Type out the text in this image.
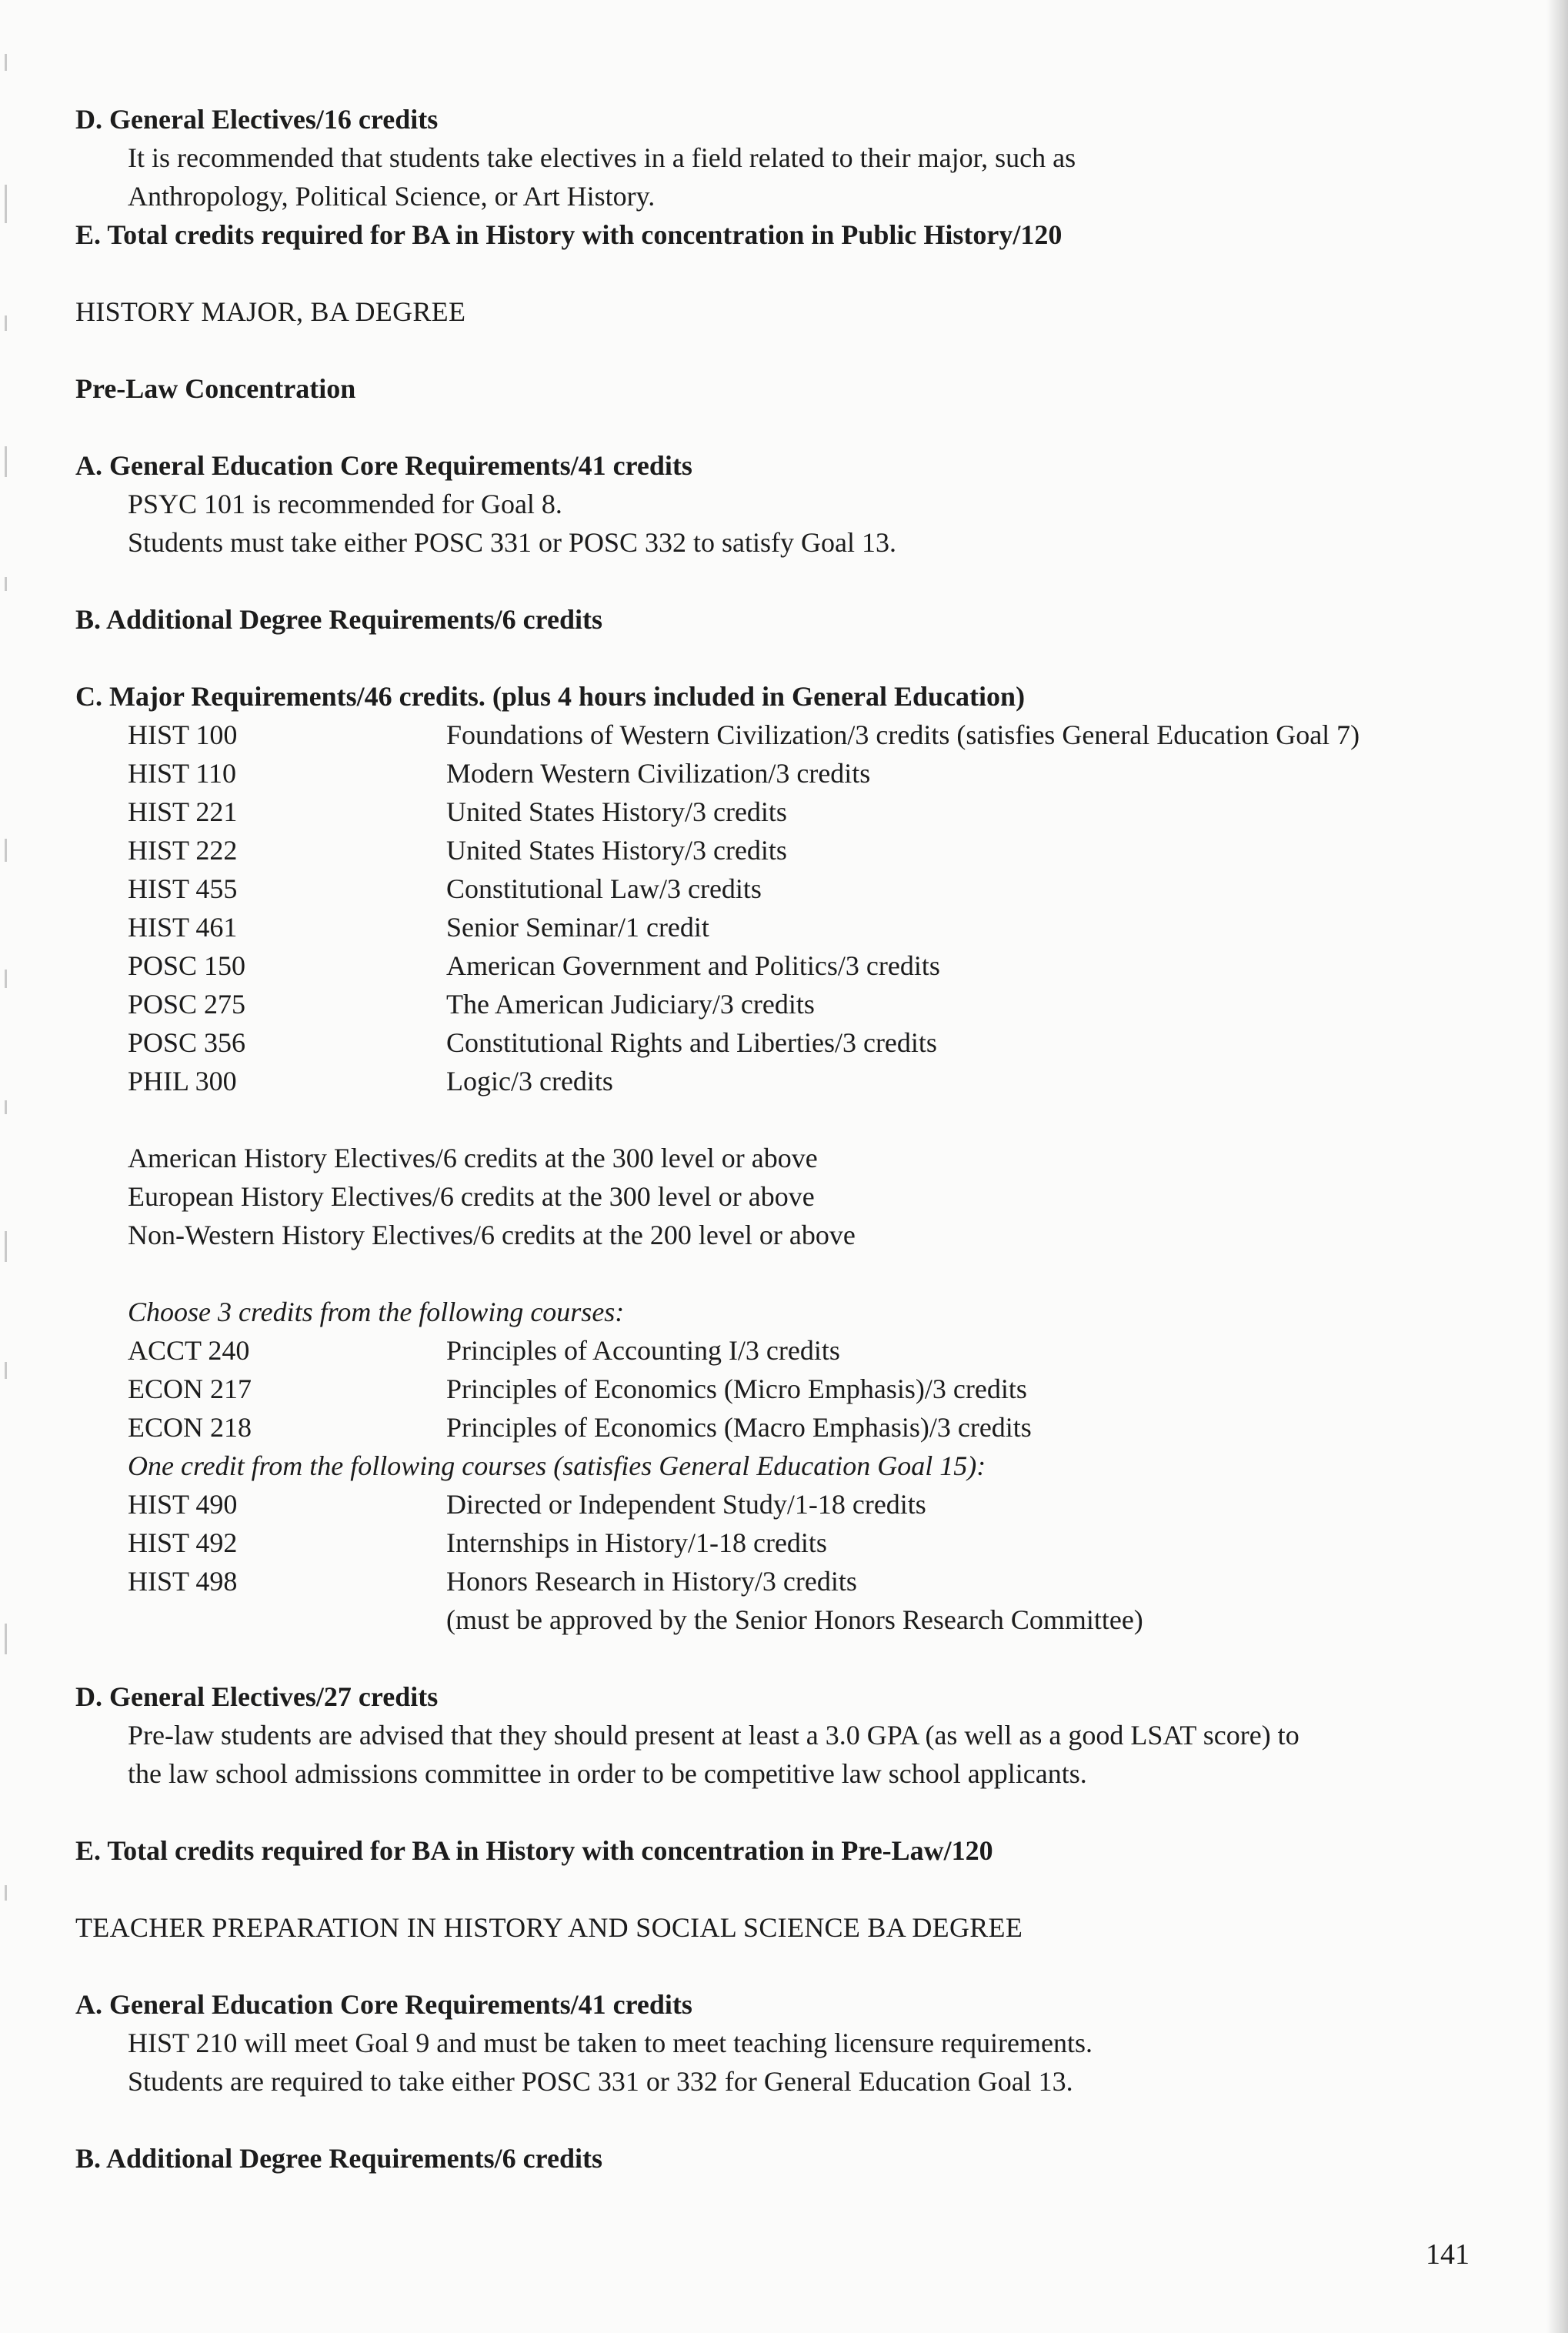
D. General Electives/16 credits
It is recommended that students take electives in a field related to their major, such as
Anthropology, Political Science, or Art History.
E. Total credits required for BA in History with concentration in Public History/120
HISTORY MAJOR, BA DEGREE
Pre-Law Concentration
A. General Education Core Requirements/41 credits
PSYC 101 is recommended for Goal 8.
Students must take either POSC 331 or POSC 332 to satisfy Goal 13.
B. Additional Degree Requirements/6 credits
C. Major Requirements/46 credits. (plus 4 hours included in General Education)
HIST 100	Foundations of Western Civilization/3 credits (satisfies General Education Goal 7)
HIST 110	Modern Western Civilization/3 credits
HIST 221	United States History/3 credits
HIST 222	United States History/3 credits
HIST 455	Constitutional Law/3 credits
HIST 461	Senior Seminar/1 credit
POSC 150	American Government and Politics/3 credits
POSC 275	The American Judiciary/3 credits
POSC 356	Constitutional Rights and Liberties/3 credits
PHIL 300	Logic/3 credits
American History Electives/6 credits at the 300 level or above
European History Electives/6 credits at the 300 level or above
Non-Western History Electives/6 credits at the 200 level or above
Choose 3 credits from the following courses:
ACCT 240	Principles of Accounting I/3 credits
ECON 217	Principles of Economics (Micro Emphasis)/3 credits
ECON 218	Principles of Economics (Macro Emphasis)/3 credits
One credit from the following courses (satisfies General Education Goal 15):
HIST 490	Directed or Independent Study/1-18 credits
HIST 492	Internships in History/1-18 credits
HIST 498	Honors Research in History/3 credits
(must be approved by the Senior Honors Research Committee)
D. General Electives/27 credits
Pre-law students are advised that they should present at least a 3.0 GPA (as well as a good LSAT score) to
the law school admissions committee in order to be competitive law school applicants.
E. Total credits required for BA in History with concentration in Pre-Law/120
TEACHER PREPARATION IN HISTORY AND SOCIAL SCIENCE BA DEGREE
A. General Education Core Requirements/41 credits
HIST 210 will meet Goal 9 and must be taken to meet teaching licensure requirements.
Students are required to take either POSC 331 or 332 for General Education Goal 13.
B. Additional Degree Requirements/6 credits
141
